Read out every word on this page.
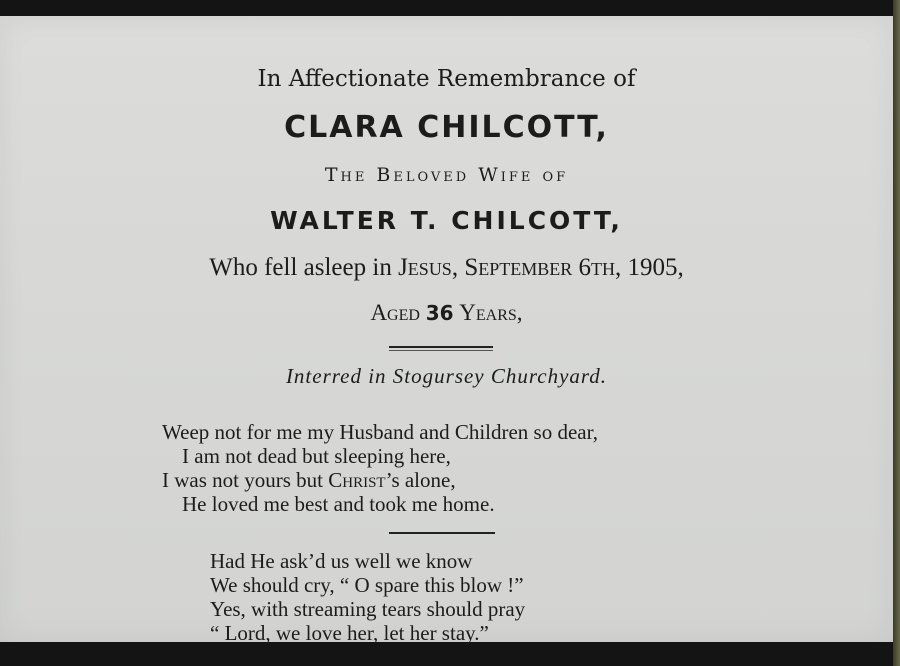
In Affectionate Remembrance of
CLARA CHILCOTT,
The Beloved Wife of
WALTER T. CHILCOTT,
Who fell asleep in Jesus, September 6th, 1905,
Aged 36 Years,
Interred in Stogursey Churchyard.
Weep not for me my Husband and Children so dear,
I am not dead but sleeping here,
I was not yours but Christ’s alone,
He loved me best and took me home.
Had He ask’d us well we know
We should cry, “ O spare this blow !”
Yes, with streaming tears should pray
“ Lord, we love her, let her stay.”
